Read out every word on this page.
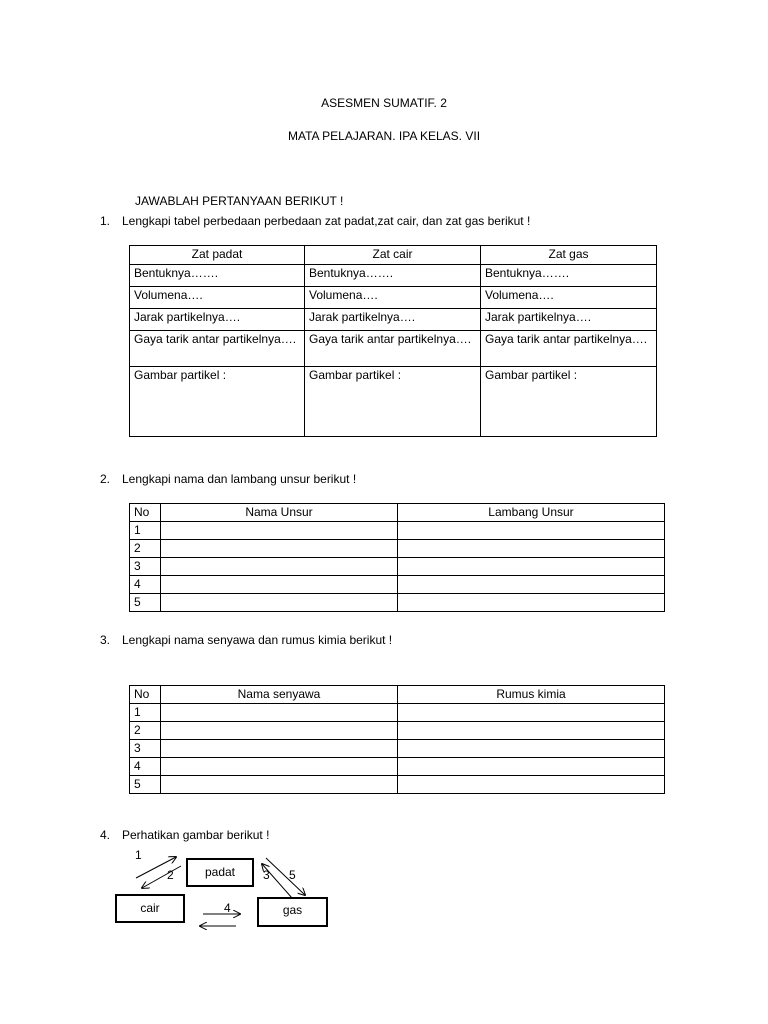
ASESMEN SUMATIF. 2
MATA PELAJARAN. IPA KELAS. VII
JAWABLAH PERTANYAAN BERIKUT !
1. Lengkapi tabel perbedaan perbedaan zat padat,zat cair, dan zat gas berikut !
Zat padat	Zat cair	Zat gas
Bentuknya…….	Bentuknya…….	Bentuknya…….
Volumena….	Volumena….	Volumena….
Jarak partikelnya….	Jarak partikelnya….	Jarak partikelnya….
Gaya tarik antar partikelnya….	Gaya tarik antar partikelnya….	Gaya tarik antar partikelnya….
Gambar partikel :	Gambar partikel :	Gambar partikel :
2. Lengkapi nama dan lambang unsur berikut !
No	Nama Unsur	Lambang Unsur
1		
2		
3		
4		
5		
3. Lengkapi nama senyawa dan rumus kimia berikut !
No	Nama senyawa	Rumus kimia
1		
2		
3		
4		
5		
4. Perhatikan gambar berikut !
padat
cair	gas
1
2	3
4
5
